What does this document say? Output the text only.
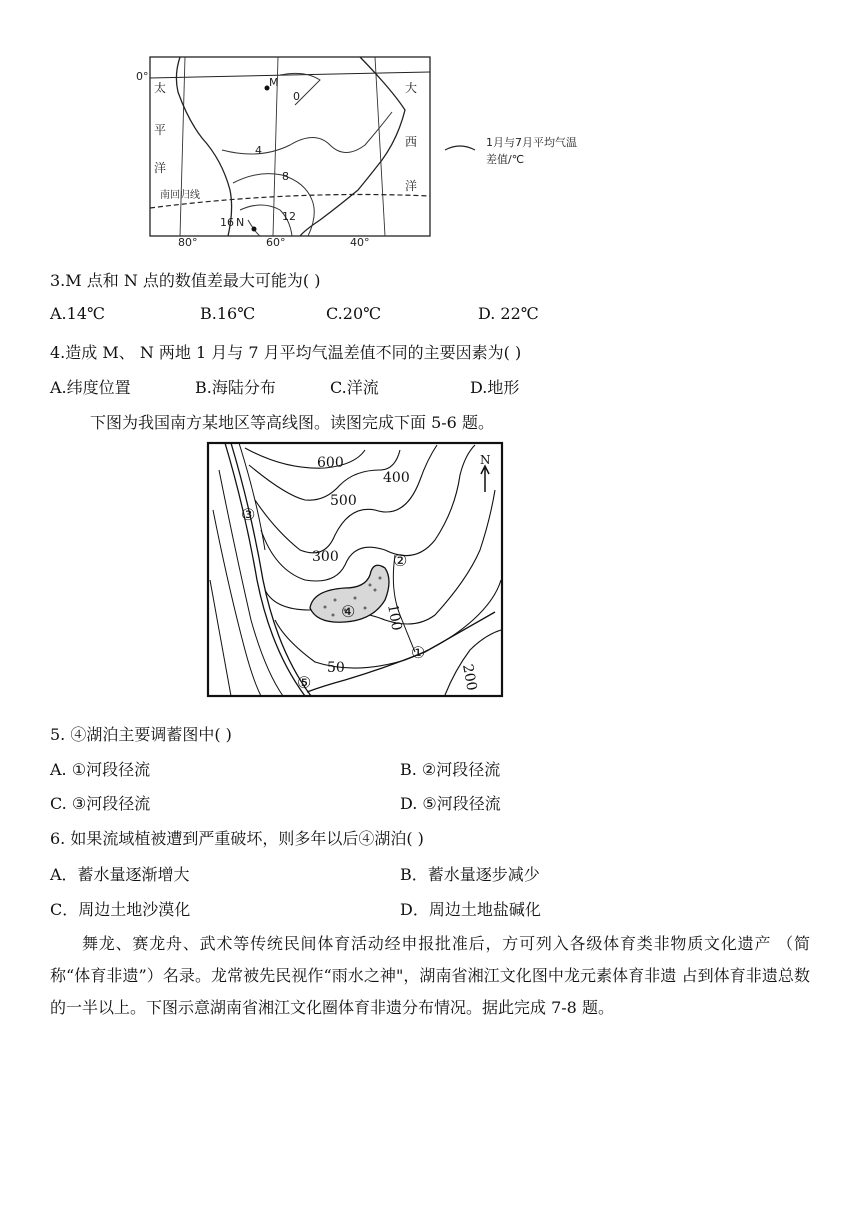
M
0
4
8
12
16 N
太
平
洋
大
西
洋
0°
南回归线
80°	60°	40°
1月与7月平均气温
差值/℃
3.M 点和 N 点的数值差最大可能为( )
A.14℃	B.16℃	C.20℃	D. 22℃
4.造成 M、 N 两地 1 月与 7 月平均气温差值不同的主要因素为( )
A.纬度位置	B.海陆分布	C.洋流	D.地形
下图为我国南方某地区等高线图。读图完成下面 5-6 题。
600
500
400
300
100
50	200
①
②
③
④
⑤
N
5. ④湖泊主要调蓄图中( )
A. ①河段径流	B. ②河段径流
C. ③河段径流	D. ⑤河段径流
6. 如果流域植被遭到严重破坏，则多年以后④湖泊( )
A．蓄水量逐渐增大	B．蓄水量逐步减少
C．周边土地沙漠化	D．周边土地盐碱化
舞龙、赛龙舟、武术等传统民间体育活动经申报批准后，方可列入各级体育类非物质文化遗产 （简称“体育非遗”）名录。龙常被先民视作“雨水之神"，湖南省湘江文化图中龙元素体育非遗 占到体育非遗总数的一半以上。下图示意湖南省湘江文化圈体育非遗分布情况。据此完成 7-8 题。
